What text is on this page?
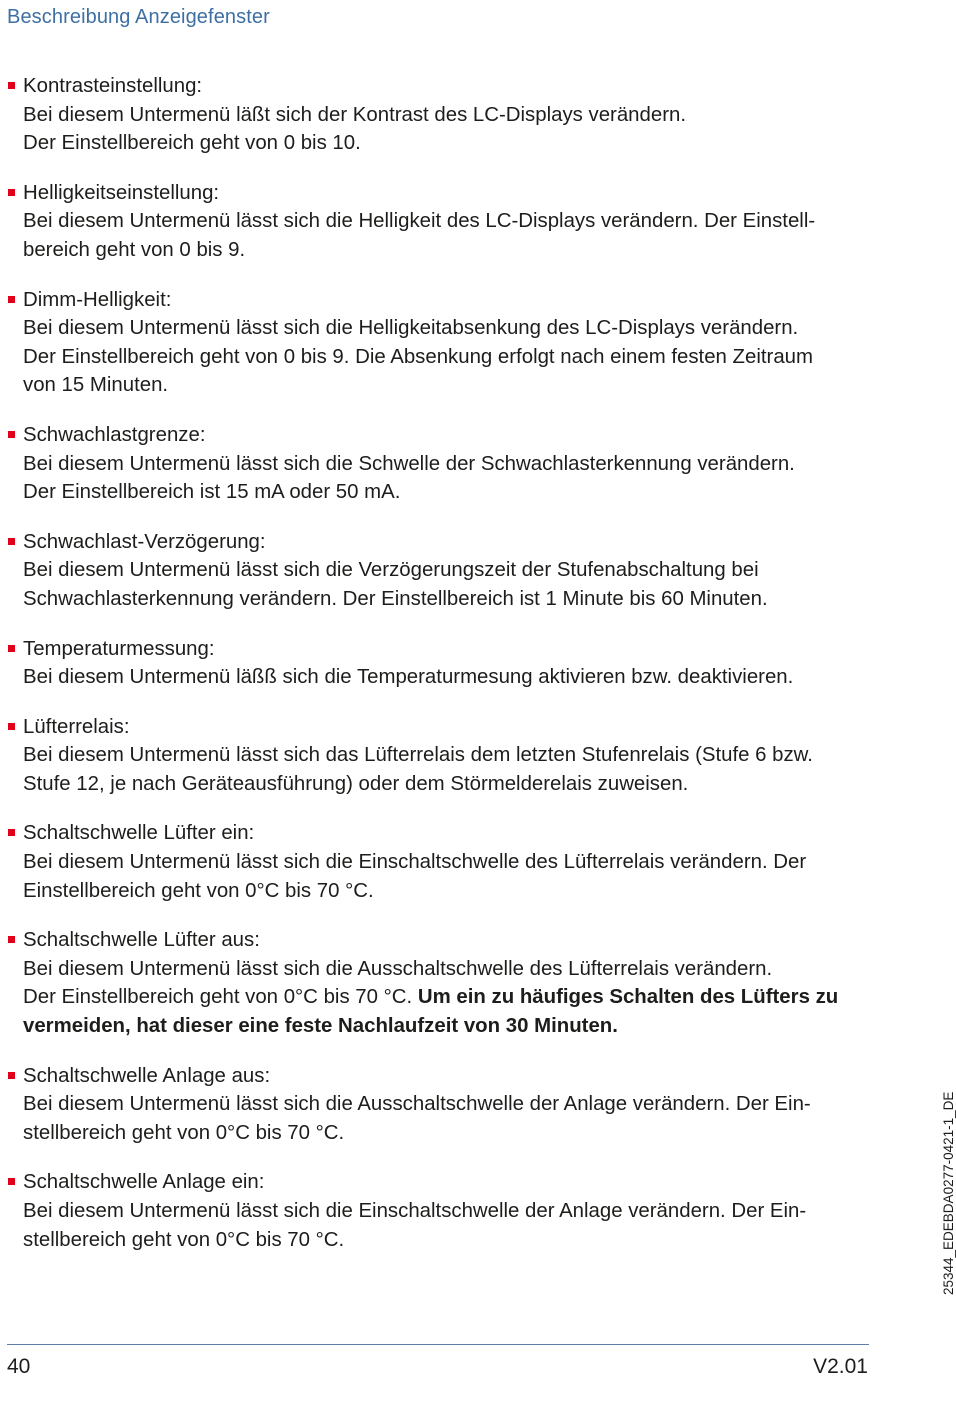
Beschreibung Anzeigefenster

Kontrasteinstellung:

Bei diesem Untermenü läßt sich der Kontrast des LC-Displays verändern.
Der Einstellbereich geht von 0 bis 10.

Helligkeitseinstellung:

Bei diesem Untermenü lässt sich die Helligkeit des LC-Displays verändern. Der Einstell-
bereich geht von 0 bis 9.

Dimm-Helligkeit:

Bei diesem Untermenü lässt sich die Helligkeitabsenkung des LC-Displays verändern.
Der Einstellbereich geht von 0 bis 9. Die Absenkung erfolgt nach einem festen Zeitraum
von 15 Minuten.

Schwachlastgrenze:

Bei diesem Untermenü lässt sich die Schwelle der Schwachlasterkennung verändern.
Der Einstellbereich ist 15 mA oder 50 mA.

Schwachlast-Verzögerung:

Bei diesem Untermenü lässt sich die Verzögerungszeit der Stufenabschaltung bei
Schwachlasterkennung verändern. Der Einstellbereich ist 1 Minute bis 60 Minuten.

Temperaturmessung:

Bei diesem Untermenü läßß sich die Temperaturmesung aktivieren bzw. deaktivieren.

Lüfterrelais:

Bei diesem Untermenü lässt sich das Lüfterrelais dem letzten Stufenrelais (Stufe 6 bzw.
Stufe 12, je nach Geräteausführung) oder dem Störmelderelais zuweisen.

Schaltschwelle Lüfter ein:

Bei diesem Untermenü lässt sich die Einschaltschwelle des Lüfterrelais verändern. Der
Einstellbereich geht von 0°C bis 70 °C.

Schaltschwelle Lüfter aus:

Bei diesem Untermenü lässt sich die Ausschaltschwelle des Lüfterrelais verändern.
Der Einstellbereich geht von 0°C bis 70 °C. Um ein zu häufiges Schalten des Lüfters zu
vermeiden, hat dieser eine feste Nachlaufzeit von 30 Minuten.

Schaltschwelle Anlage aus:

Bei diesem Untermenü lässt sich die Ausschaltschwelle der Anlage verändern. Der Ein-
stellbereich geht von 0°C bis 70 °C.

Schaltschwelle Anlage ein:

Bei diesem Untermenü lässt sich die Einschaltschwelle der Anlage verändern. Der Ein-
stellbereich geht von 0°C bis 70 °C.	25344_EDEBDA0277-0421-1_DE
40	V2.01
